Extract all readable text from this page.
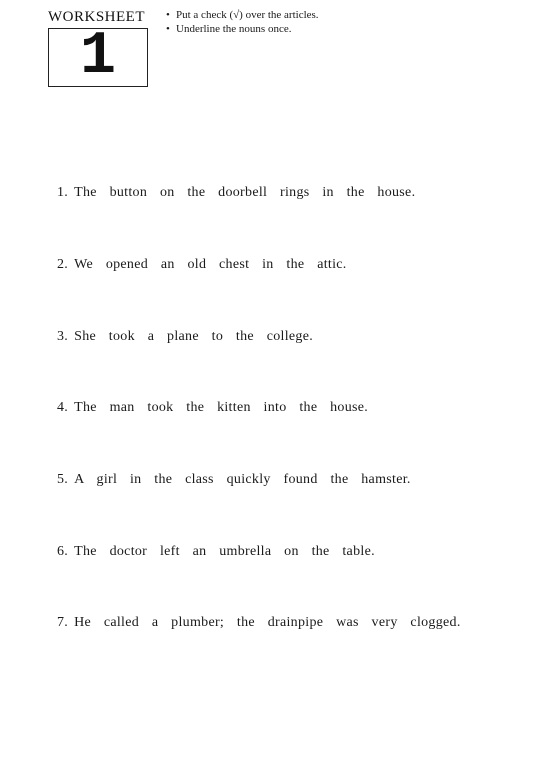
WORKSHEET
1
• Put a check (√) over the articles.
• Underline the nouns once.
1. The button on the doorbell rings in the house.
2. We opened an old chest in the attic.
3. She took a plane to the college.
4. The man took the kitten into the house.
5. A girl in the class quickly found the hamster.
6. The doctor left an umbrella on the table.
7. He called a plumber; the drainpipe was very clogged.
